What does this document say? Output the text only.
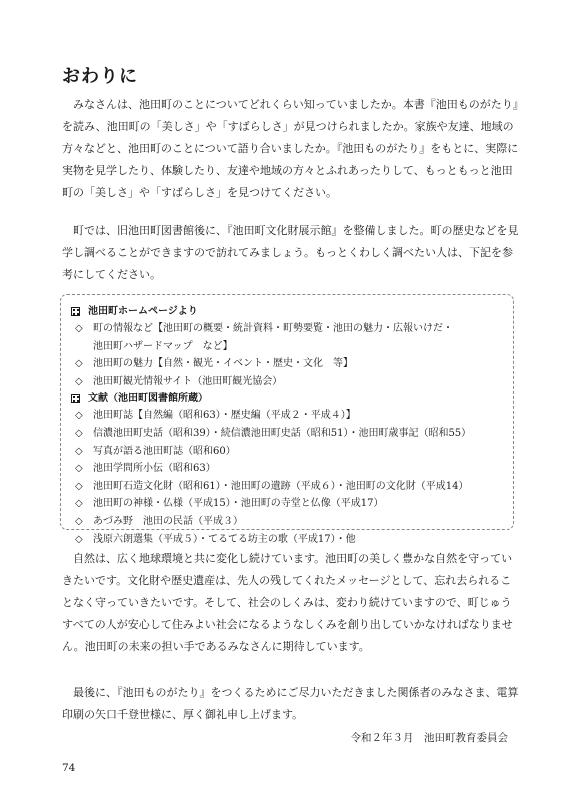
おわりに

みなさんは、池田町のことについてどれくらい知っていましたか。本書『池田ものがたり』を読み、池田町の「美しさ」や「すばらしさ」が見つけられましたか。家族や友達、地域の方々などと、池田町のことについて語り合いましたか。『池田ものがたり』をもとに、実際に実物を見学したり、体験したり、友達や地域の方々とふれあったりして、もっともっと池田町の「美しさ」や「すばらしさ」を見つけてください。

町では、旧池田町図書館後に、『池田町文化財展示館』を整備しました。町の歴史などを見学し調べることができますので訪れてみましょう。もっとくわしく調べたい人は、下記を参考にしてください。

池田町ホームページより
◇	町の情報など【池田町の概要・統計資料・町勢要覧・池田の魅力・広報いけだ・
池田町ハザードマップ　など】
◇	池田町の魅力【自然・観光・イベント・歴史・文化　等】
◇	池田町観光情報サイト（池田町観光協会）
文献（池田町図書館所蔵）
◇	池田町誌【自然編（昭和63）・歴史編（平成２・平成４）】
◇	信濃池田町史話（昭和39）・続信濃池田町史話（昭和51）・池田町歳事記（昭和55）
◇	写真が語る池田町誌（昭和60）
◇	池田学問所小伝（昭和63）
◇	池田町石造文化財（昭和61）・池田町の遺跡（平成６）・池田町の文化財（平成14）
◇	池田町の神様・仏様（平成15）・池田町の寺堂と仏像（平成17）
◇	あづみ野　池田の民話（平成３）
◇	浅原六朗選集（平成５）・てるてる坊主の歌（平成17）・他

自然は、広く地球環境と共に変化し続けています。池田町の美しく豊かな自然を守っていきたいです。文化財や歴史遺産は、先人の残してくれたメッセージとして、忘れ去られることなく守っていきたいです。そして、社会のしくみは、変わり続けていますので、町じゅうすべての人が安心して住みよい社会になるようなしくみを創り出していかなければなりません。池田町の未来の担い手であるみなさんに期待しています。

最後に、『池田ものがたり』をつくるためにご尽力いただきました関係者のみなさま、電算印刷の矢口千登世様に、厚く御礼申し上げます。

令和２年３月　池田町教育委員会

74
